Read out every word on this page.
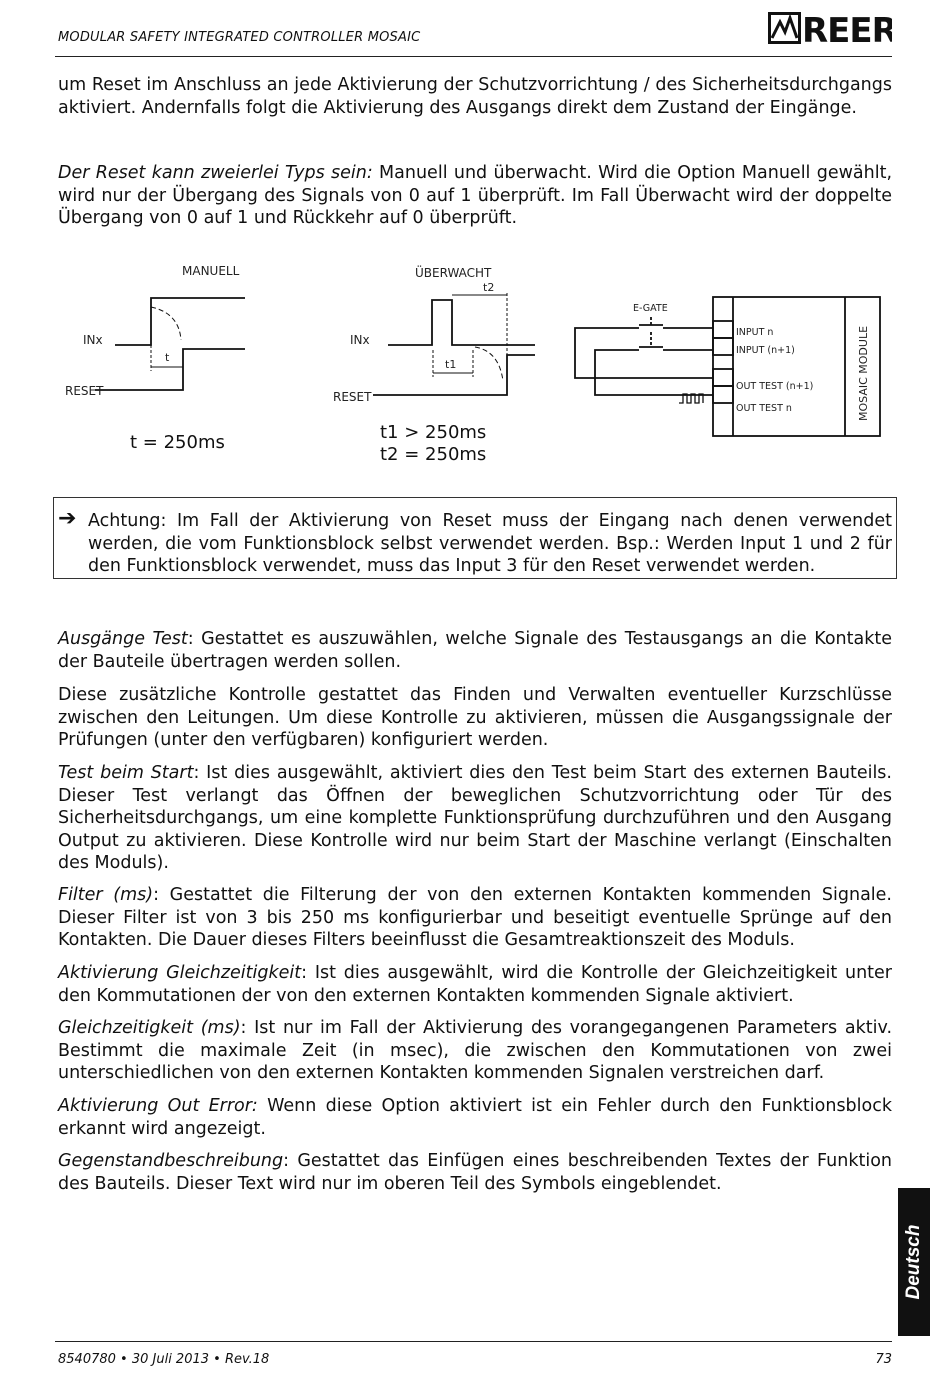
MODULAR SAFETY INTEGRATED CONTROLLER MOSAIC	REER

um Reset im Anschluss an jede Aktivierung der Schutzvorrichtung / des Sicherheitsdurchgangs aktiviert. Andernfalls folgt die Aktivierung des Ausgangs direkt dem Zustand der Eingänge.

Der Reset kann zweierlei Typs sein: Manuell und überwacht. Wird die Option Manuell gewählt, wird nur der Übergang des Signals von 0 auf 1 überprüft. Im Fall Überwacht wird der doppelte Übergang von 0 auf 1 und Rückkehr auf 0 überprüft.

MANUELL
INx
RESET
t
ÜBERWACHT
INx
RESET
t1
t2
E-GATE
INPUT n
INPUT (n+1)
OUT TEST (n+1)
OUT TEST n	MOSAIC MODULE
t = 250ms	t1 > 250ms
t2 = 250ms
➔ Achtung: Im Fall der Aktivierung von Reset muss der Eingang nach denen verwendet werden, die vom Funktionsblock selbst verwendet werden. Bsp.: Werden Input 1 und 2 für den Funktionsblock verwendet, muss das Input 3 für den Reset verwendet werden.

Ausgänge Test: Gestattet es auszuwählen, welche Signale des Testausgangs an die Kontakte der Bauteile übertragen werden sollen.

Diese zusätzliche Kontrolle gestattet das Finden und Verwalten eventueller Kurzschlüsse zwischen den Leitungen. Um diese Kontrolle zu aktivieren, müssen die Ausgangssignale der Prüfungen (unter den verfügbaren) konfiguriert werden.

Test beim Start: Ist dies ausgewählt, aktiviert dies den Test beim Start des externen Bauteils. Dieser Test verlangt das Öffnen der beweglichen Schutzvorrichtung oder Tür des Sicherheitsdurchgangs, um eine komplette Funktionsprüfung durchzuführen und den Ausgang Output zu aktivieren. Diese Kontrolle wird nur beim Start der Maschine verlangt (Einschalten des Moduls).

Filter (ms): Gestattet die Filterung der von den externen Kontakten kommenden Signale. Dieser Filter ist von 3 bis 250 ms konfigurierbar und beseitigt eventuelle Sprünge auf den Kontakten. Die Dauer dieses Filters beeinflusst die Gesamtreaktionszeit des Moduls.

Aktivierung Gleichzeitigkeit: Ist dies ausgewählt, wird die Kontrolle der Gleichzeitigkeit unter den Kommutationen der von den externen Kontakten kommenden Signale aktiviert.

Gleichzeitigkeit (ms): Ist nur im Fall der Aktivierung des vorangegangenen Parameters aktiv. Bestimmt die maximale Zeit (in msec), die zwischen den Kommutationen von zwei unterschiedlichen von den externen Kontakten kommenden Signalen verstreichen darf.

Aktivierung Out Error: Wenn diese Option aktiviert ist ein Fehler durch den Funktionsblock erkannt wird angezeigt.

Gegenstandbeschreibung: Gestattet das Einfügen eines beschreibenden Textes der Funktion des Bauteils. Dieser Text wird nur im oberen Teil des Symbols eingeblendet.

Deutsch
8540780 • 30 Juli 2013 • Rev.18	73
